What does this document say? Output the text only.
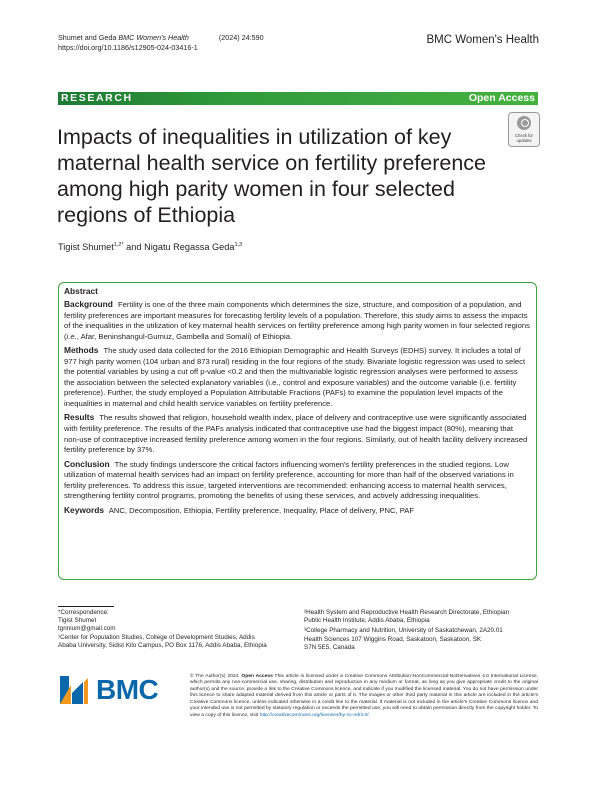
Shumet and Geda BMC Women's Health	(2024) 24:590
https://doi.org/10.1186/s12905-024-03416-1
BMC Women's Health
RESEARCH	Open Access
Impacts of inequalities in utilization of key maternal health service on fertility preference among high parity women in four selected regions of Ethiopia
Check for updates
Tigist Shumet$^{1,2*}$ and Nigatu Regassa Geda$^{1,3}$
Abstract

Background Fertility is one of the three main components which determines the size, structure, and composition of a population, and fertility preferences are important measures for forecasting fertility levels of a population. Therefore, this study aims to assess the impacts of the inequalities in the utilization of key maternal health services on fertility preference among high parity women in four selected regions (i.e., Afar, Beninshangul-Gumuz, Gambella and Somali) of Ethiopia.

Methods The study used data collected for the 2016 Ethiopian Demographic and Health Surveys (EDHS) survey. It includes a total of 977 high parity women (104 urban and 873 rural) residing in the four regions of the study. Bivariate logistic regression was used to select the potential variables by using a cut off p-value <0.2 and then the multivariable logistic regression analyses were performed to assess the association between the selected explanatory variables (i.e., control and exposure variables) and the outcome variable (i.e. fertility preference). Further, the study employed a Population Attributable Fractions (PAFs) to examine the population level impacts of the inequalities in maternal and child health service variables on fertility preference.

Results The results showed that religion, household wealth index, place of delivery and contraceptive use were significantly associated with fertility preference. The results of the PAFs analysis indicated that contraceptive use had the biggest impact (80%), meaning that non-use of contraceptive increased fertility preference among women in the four regions. Similarly, out of health facility delivery increased fertility preference by 37%.

Conclusion The study findings underscore the critical factors influencing women's fertility preferences in the studied regions. Low utilization of maternal health services had an impact on fertility preference, accounting for more than half of the observed variations in fertility preferences. To address this issue, targeted interventions are recommended: enhancing access to maternal health services, strengthening fertility control programs, promoting the benefits of using these services, and actively addressing inequalities.

Keywords ANC, Decomposition, Ethiopia, Fertility preference, Inequality, Place of delivery, PNC, PAF

*Correspondence:
Tigist Shumet
tgnnium@gmail.com
¹Center for Population Studies, College of Development Studies, Addis
Ababa University, Sidist Kilo Campus, PO Box 1176, Addis Ababa, Ethiopia
²Health System and Reproductive Health Research Directorate, Ethiopian
Public Health Institute, Addis Ababa, Ethiopia
³College Pharmacy and Nutrition, University of Saskatchewan, 2A20.01
Health Sciences 107 Wiggins Road, Saskatoon, Saskatoon, SK
S7N 5E5, Canada
BMC	© The Author(s) 2024. Open Access This article is licensed under a Creative Commons Attribution-NonCommercial-NoDerivatives 4.0 International License, which permits any non-commercial use, sharing, distribution and reproduction in any medium or format, as long as you give appropriate credit to the original author(s) and the source, provide a link to the Creative Commons licence, and indicate if you modified the licensed material. You do not have permission under this licence to share adapted material derived from this article or parts of it. The images or other third party material in this article are included in the article's Creative Commons licence, unless indicated otherwise in a credit line to the material. If material is not included in the article's Creative Commons licence and your intended use is not permitted by statutory regulation or exceeds the permitted use, you will need to obtain permission directly from the copyright holder. To view a copy of this licence, visit http://creativecommons.org/licenses/by-nc-nd/4.0/.
